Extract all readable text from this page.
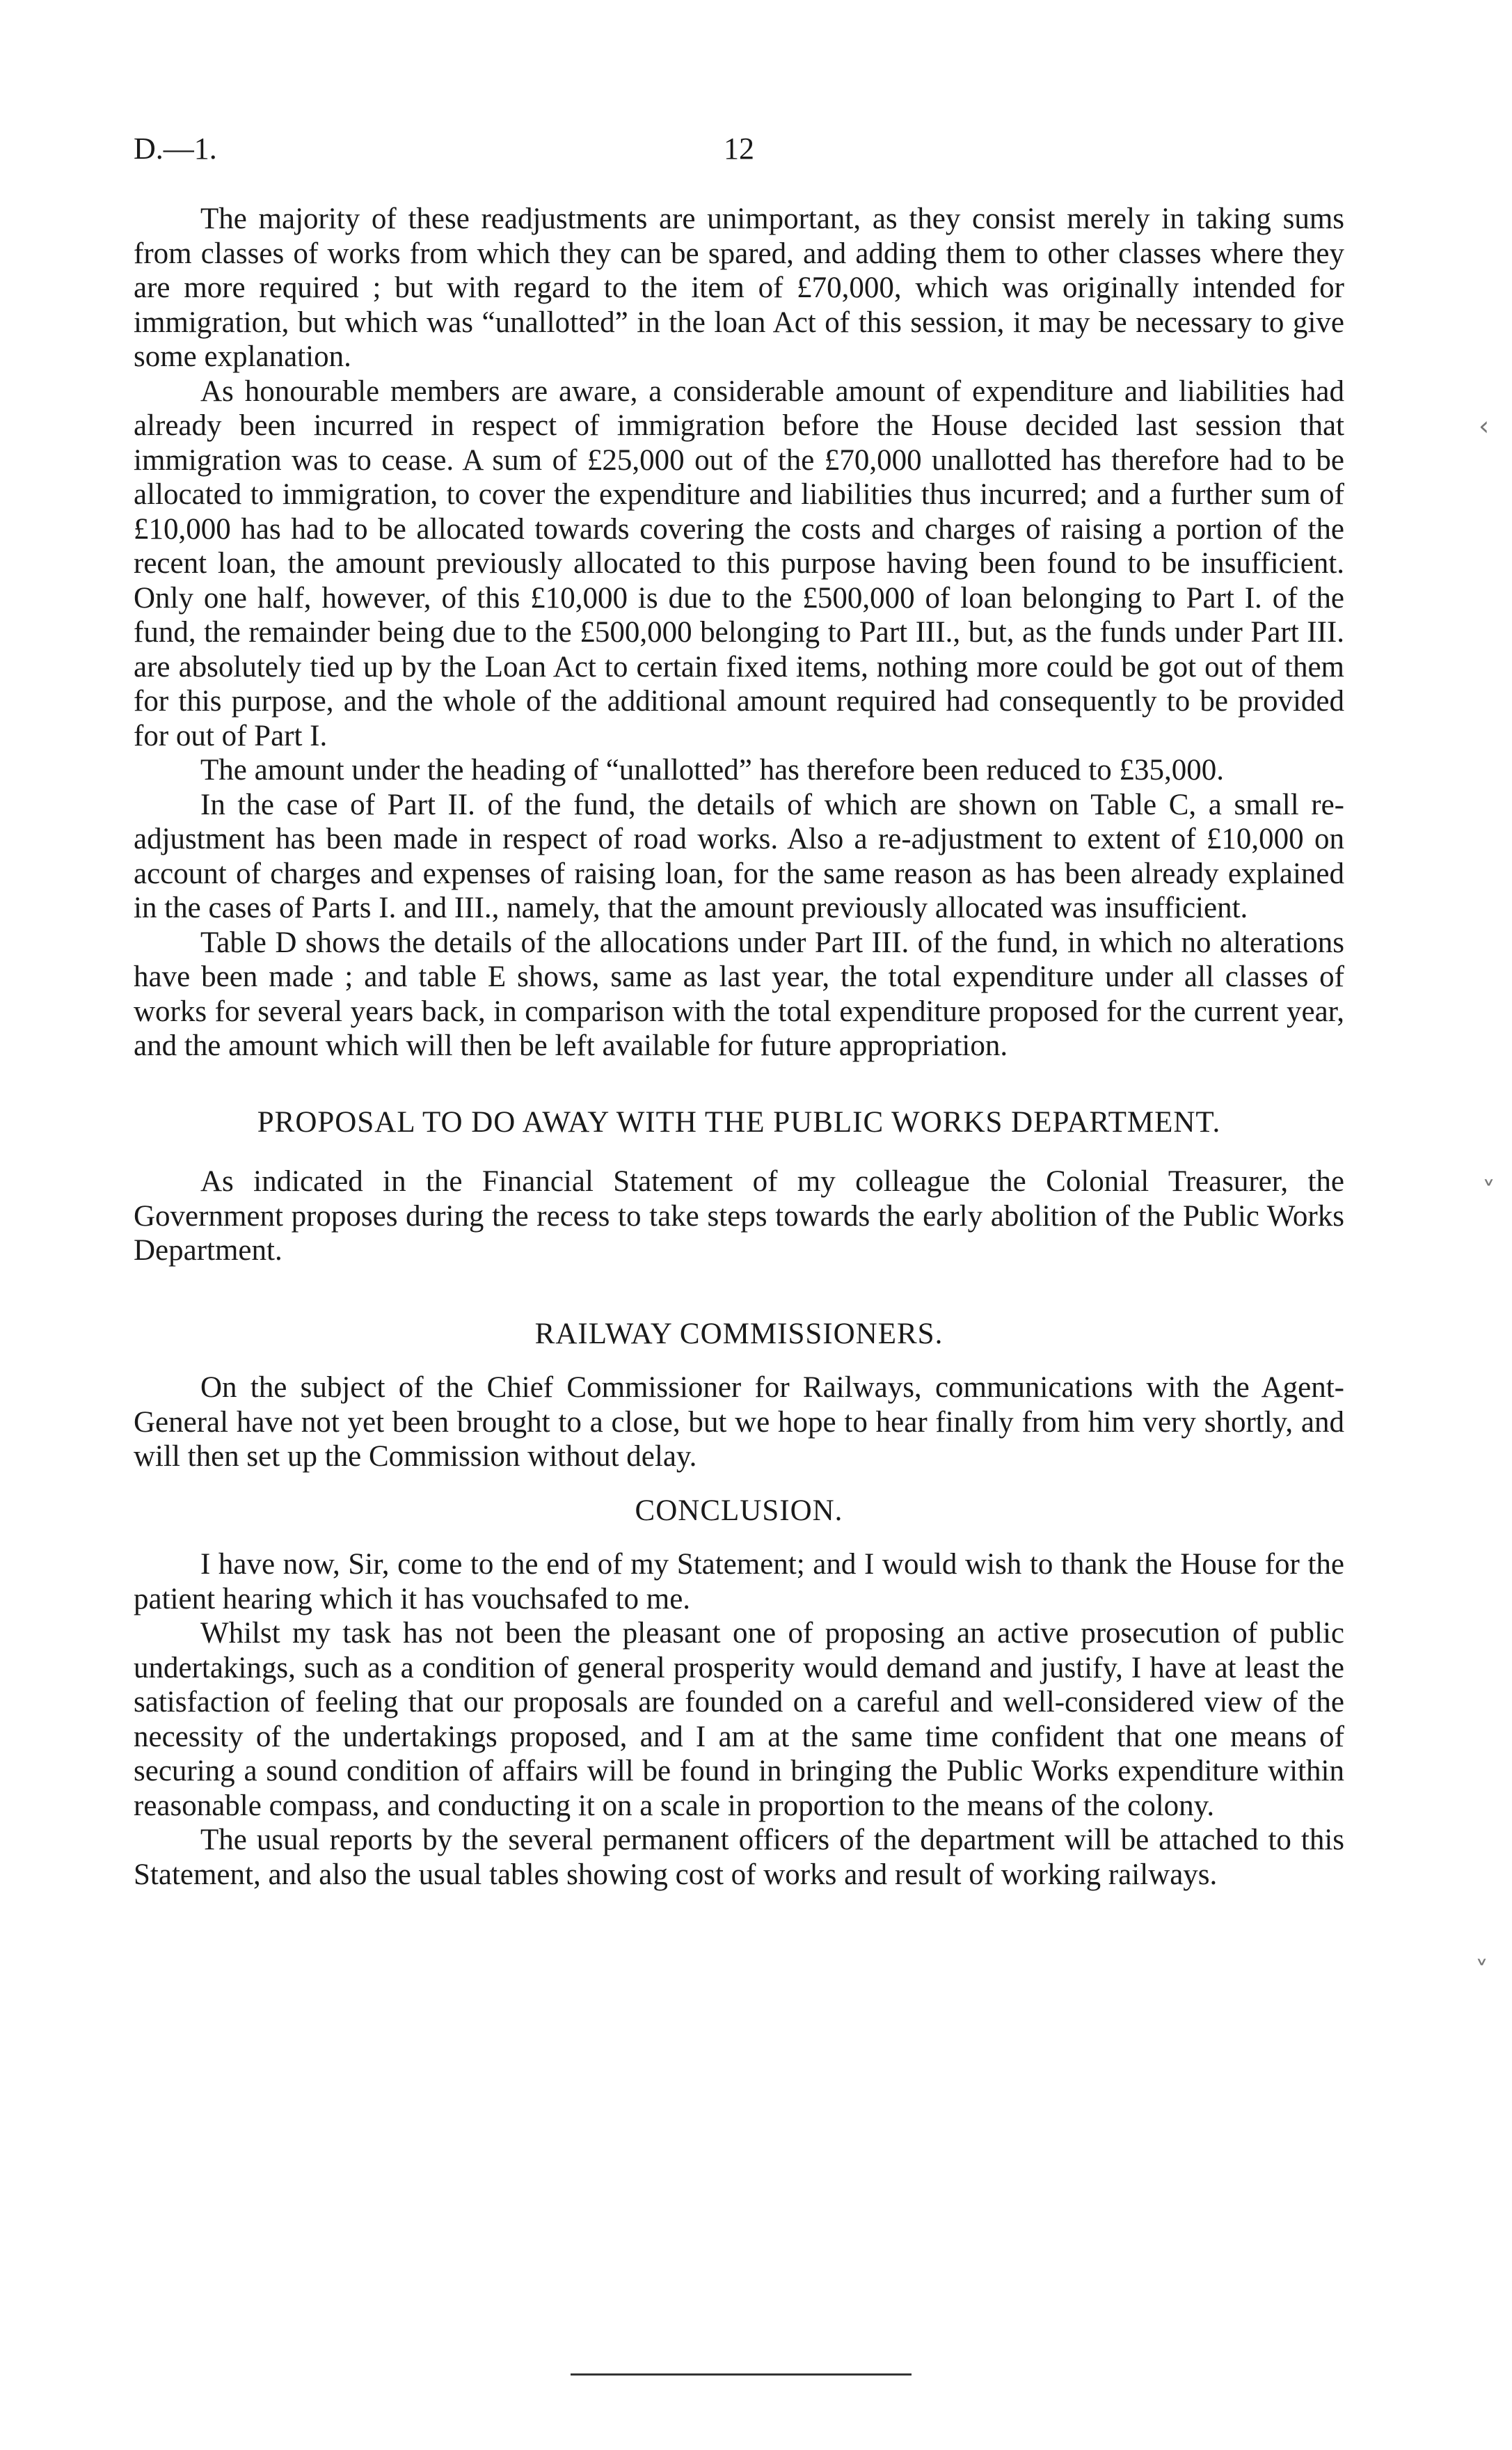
D.—1.	12

The majority of these readjustments are unimportant, as they consist merely in taking sums from classes of works from which they can be spared, and adding them to other classes where they are more required ; but with regard to the item of £70,000, which was originally intended for immigration, but which was “unallotted” in the loan Act of this session, it may be necessary to give some explanation.

As honourable members are aware, a considerable amount of expenditure and liabilities had already been incurred in respect of immigration before the House decided last session that immigration was to cease. A sum of £25,000 out of the £70,000 unallotted has therefore had to be allocated to immigration, to cover the expenditure and liabilities thus incurred; and a further sum of £10,000 has had to be allocated towards covering the costs and charges of raising a portion of the recent loan, the amount previously allocated to this purpose having been found to be insufficient. Only one half, however, of this £10,000 is due to the £500,000 of loan belonging to Part I. of the fund, the remainder being due to the £500,000 belonging to Part III., but, as the funds under Part III. are absolutely tied up by the Loan Act to certain fixed items, nothing more could be got out of them for this purpose, and the whole of the additional amount required had consequently to be provided for out of Part I.

The amount under the heading of “unallotted” has therefore been reduced to £35,000.

In the case of Part II. of the fund, the details of which are shown on Table C, a small re-adjustment has been made in respect of road works. Also a re-adjustment to extent of £10,000 on account of charges and expenses of raising loan, for the same reason as has been already explained in the cases of Parts I. and III., namely, that the amount previously allocated was insufficient.

Table D shows the details of the allocations under Part III. of the fund, in which no alterations have been made ; and table E shows, same as last year, the total expenditure under all classes of works for several years back, in comparison with the total expenditure proposed for the current year, and the amount which will then be left available for future appropriation.

PROPOSAL TO DO AWAY WITH THE PUBLIC WORKS DEPARTMENT.

As indicated in the Financial Statement of my colleague the Colonial Treasurer, the Government proposes during the recess to take steps towards the early abolition of the Public Works Department.

RAILWAY COMMISSIONERS.

On the subject of the Chief Commissioner for Railways, communications with the Agent-General have not yet been brought to a close, but we hope to hear finally from him very shortly, and will then set up the Commission without delay.

CONCLUSION.

I have now, Sir, come to the end of my Statement; and I would wish to thank the House for the patient hearing which it has vouchsafed to me.

Whilst my task has not been the pleasant one of proposing an active prosecution of public undertakings, such as a condition of general prosperity would demand and justify, I have at least the satisfaction of feeling that our proposals are founded on a careful and well-considered view of the necessity of the undertakings proposed, and I am at the same time confident that one means of securing a sound condition of affairs will be found in bringing the Public Works expenditure within reasonable compass, and conducting it on a scale in proportion to the means of the colony.

The usual reports by the several permanent officers of the department will be attached to this Statement, and also the usual tables showing cost of works and result of working railways.

‹
˅
˅
